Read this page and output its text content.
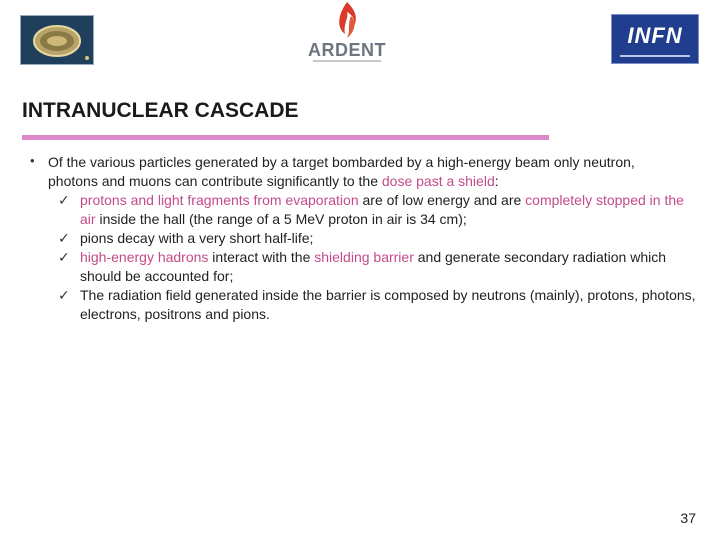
ARDENT
INFN
INTRANUCLEAR CASCADE
• Of the various particles generated by a target bombarded by a high-energy beam only neutron, photons and muons can contribute significantly to the dose past a shield:

✓ protons and light fragments from evaporation are of low energy and are completely stopped in the air inside the hall (the range of a 5 MeV proton in air is 34 cm);
✓ pions decay with a very short half-life;
✓ high-energy hadrons interact with the shielding barrier and generate secondary radiation which should be accounted for;
✓ The radiation field generated inside the barrier is composed by neutrons (mainly), protons, photons, electrons, positrons and pions.
37
